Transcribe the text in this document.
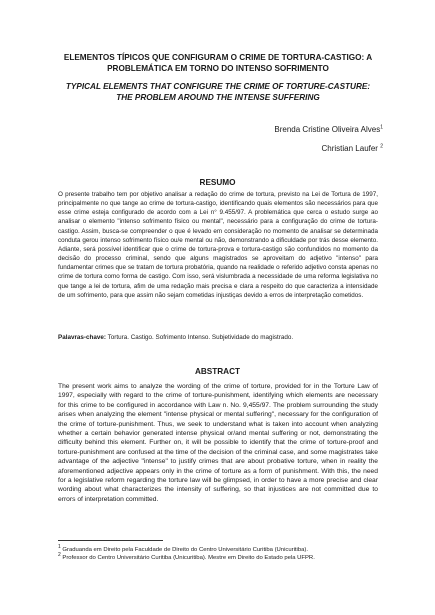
ELEMENTOS TÍPICOS QUE CONFIGURAM O CRIME DE TORTURA-CASTIGO: A PROBLEMÁTICA EM TORNO DO INTENSO SOFRIMENTO

TYPICAL ELEMENTS THAT CONFIGURE THE CRIME OF TORTURE-CASTURE: THE PROBLEM AROUND THE INTENSE SUFFERING

Brenda Cristine Oliveira Alves$^1$
Christian Laufer $^2$
RESUMO

O presente trabalho tem por objetivo analisar a redação do crime de tortura, previsto na Lei de Tortura de 1997, principalmente no que tange ao crime de tortura-castigo, identificando quais elementos são necessários para que esse crime esteja configurado de acordo com a Lei n° 9.455/97. A problemática que cerca o estudo surge ao analisar o elemento "intenso sofrimento físico ou mental", necessário para a configuração do crime de tortura-castigo. Assim, busca-se compreender o que é levado em consideração no momento de analisar se determinada conduta gerou intenso sofrimento físico ou/e mental ou não, demonstrando a dificuldade por trás desse elemento. Adiante, será possível identificar que o crime de tortura-prova e tortura-castigo são confundidos no momento da decisão do processo criminal, sendo que alguns magistrados se aproveitam do adjetivo "intenso" para fundamentar crimes que se tratam de tortura probatória, quando na realidade o referido adjetivo consta apenas no crime de tortura como forma de castigo. Com isso, será vislumbrada a necessidade de uma reforma legislativa no que tange a lei de tortura, afim de uma redação mais precisa e clara a respeito do que caracteriza a intensidade de um sofrimento, para que assim não sejam cometidas injustiças devido a erros de interpretação cometidos.

Palavras-chave: Tortura. Castigo. Sofrimento Intenso. Subjetividade do magistrado.
ABSTRACT

The present work aims to analyze the wording of the crime of torture, provided for in the Torture Law of 1997, especially with regard to the crime of torture-punishment, identifying which elements are necessary for this crime to be configured in accordance with Law n. No. 9,455/97. The problem surrounding the study arises when analyzing the element "intense physical or mental suffering", necessary for the configuration of the crime of torture-punishment. Thus, we seek to understand what is taken into account when analyzing whether a certain behavior generated intense physical or/and mental suffering or not, demonstrating the difficulty behind this element. Further on, it will be possible to identify that the crime of torture-proof and torture-punishment are confused at the time of the decision of the criminal case, and some magistrates take advantage of the adjective "intense" to justify crimes that are about probative torture, when in reality the aforementioned adjective appears only in the crime of torture as a form of punishment. With this, the need for a legislative reform regarding the torture law will be glimpsed, in order to have a more precise and clear wording about what characterizes the intensity of suffering, so that injustices are not committed due to errors of interpretation committed.

$^1$ Graduanda em Direito pela Faculdade de Direito do Centro Universitário Curitiba (Unicuritiba).
$^2$ Professor do Centro Universitário Curitiba (Unicuritiba). Mestre em Direito do Estado pela UFPR.
